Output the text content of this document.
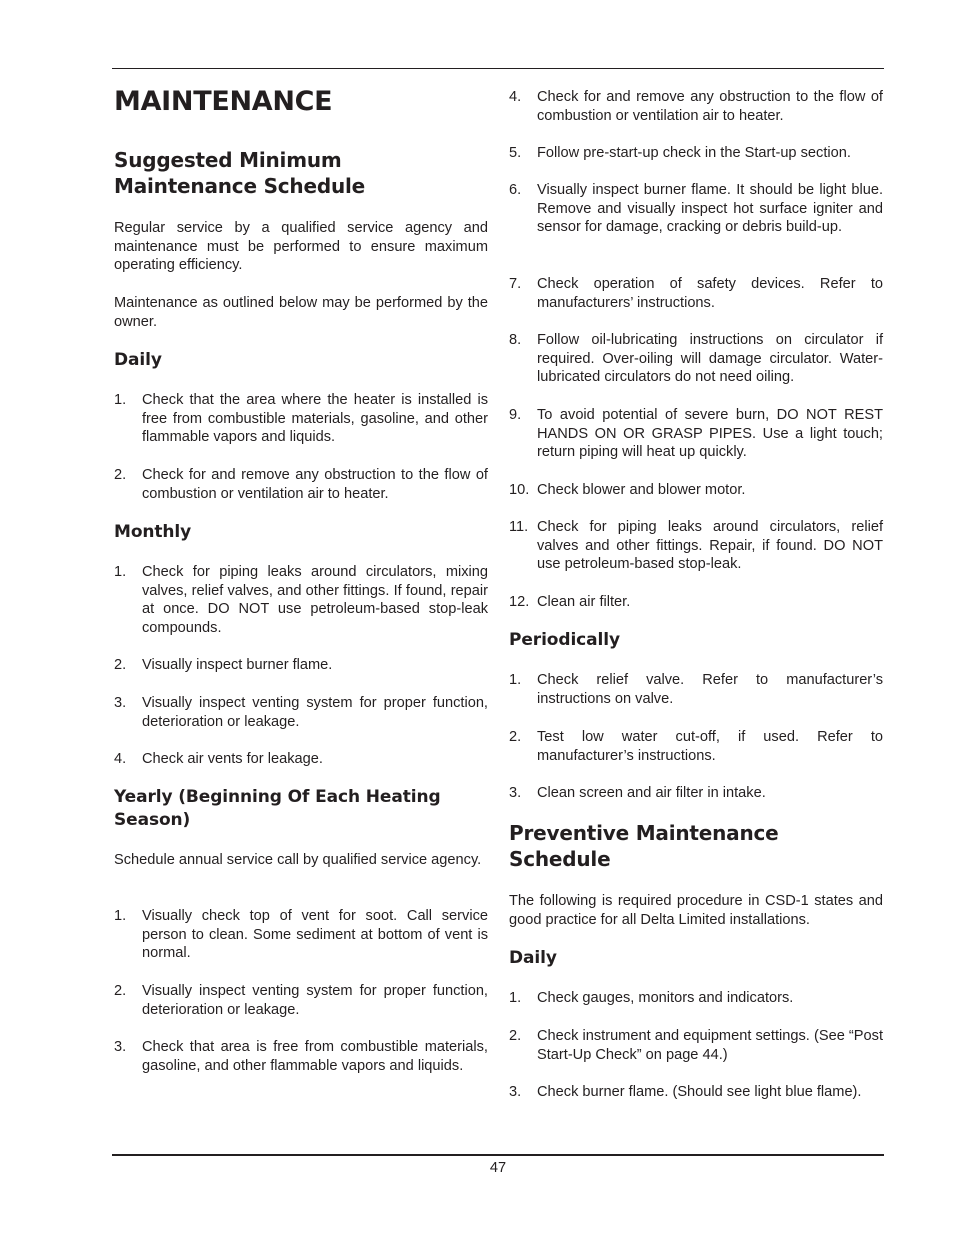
MAINTENANCE
Suggested Minimum Maintenance Schedule

Regular service by a qualified service agency and maintenance must be performed to ensure maximum operating efficiency.

Maintenance as outlined below may be performed by the owner.

Daily
1.	Check that the area where the heater is installed is free from combustible materials, gasoline, and other flammable vapors and liquids.
2.	Check for and remove any obstruction to the flow of combustion or ventilation air to heater.
Monthly
1.	Check for piping leaks around circulators, mixing valves, relief valves, and other fittings. If found, repair at once. DO NOT use petroleum-based stop-leak compounds.
2.	Visually inspect burner flame.
3.	Visually inspect venting system for proper function, deterioration or leakage.
4.	Check air vents for leakage.
Yearly (Beginning Of Each Heating Season)

Schedule annual service call by qualified service agency.

1.	Visually check top of vent for soot. Call service person to clean. Some sediment at bottom of vent is normal.
2.	Visually inspect venting system for proper function, deterioration or leakage.
3.	Check that area is free from combustible materials, gasoline, and other flammable vapors and liquids.
4.	Check for and remove any obstruction to the flow of combustion or ventilation air to heater.
5.	Follow pre-start-up check in the Start-up section.
6.	Visually inspect burner flame. It should be light blue. Remove and visually inspect hot surface igniter and sensor for damage, cracking or debris build-up.
7.	Check operation of safety devices. Refer to manufacturers’ instructions.
8.	Follow oil-lubricating instructions on circulator if required. Over-oiling will damage circulator. Water-lubricated circulators do not need oiling.
9.	To avoid potential of severe burn, DO NOT REST HANDS ON OR GRASP PIPES. Use a light touch; return piping will heat up quickly.
10. Check blower and blower motor.
11. Check for piping leaks around circulators, relief valves and other fittings. Repair, if found. DO NOT use petroleum-based stop-leak.
12. Clean air filter.
Periodically
1.	Check relief valve. Refer to manufacturer’s instructions on valve.
2.	Test low water cut-off, if used. Refer to manufacturer’s instructions.
3.	Clean screen and air filter in intake.
Preventive Maintenance Schedule

The following is required procedure in CSD-1 states and good practice for all Delta Limited installations.

Daily
1.	Check gauges, monitors and indicators.
2.	Check instrument and equipment settings. (See “Post Start-Up Check” on page 44.)
3.	Check burner flame. (Should see light blue flame).
47
